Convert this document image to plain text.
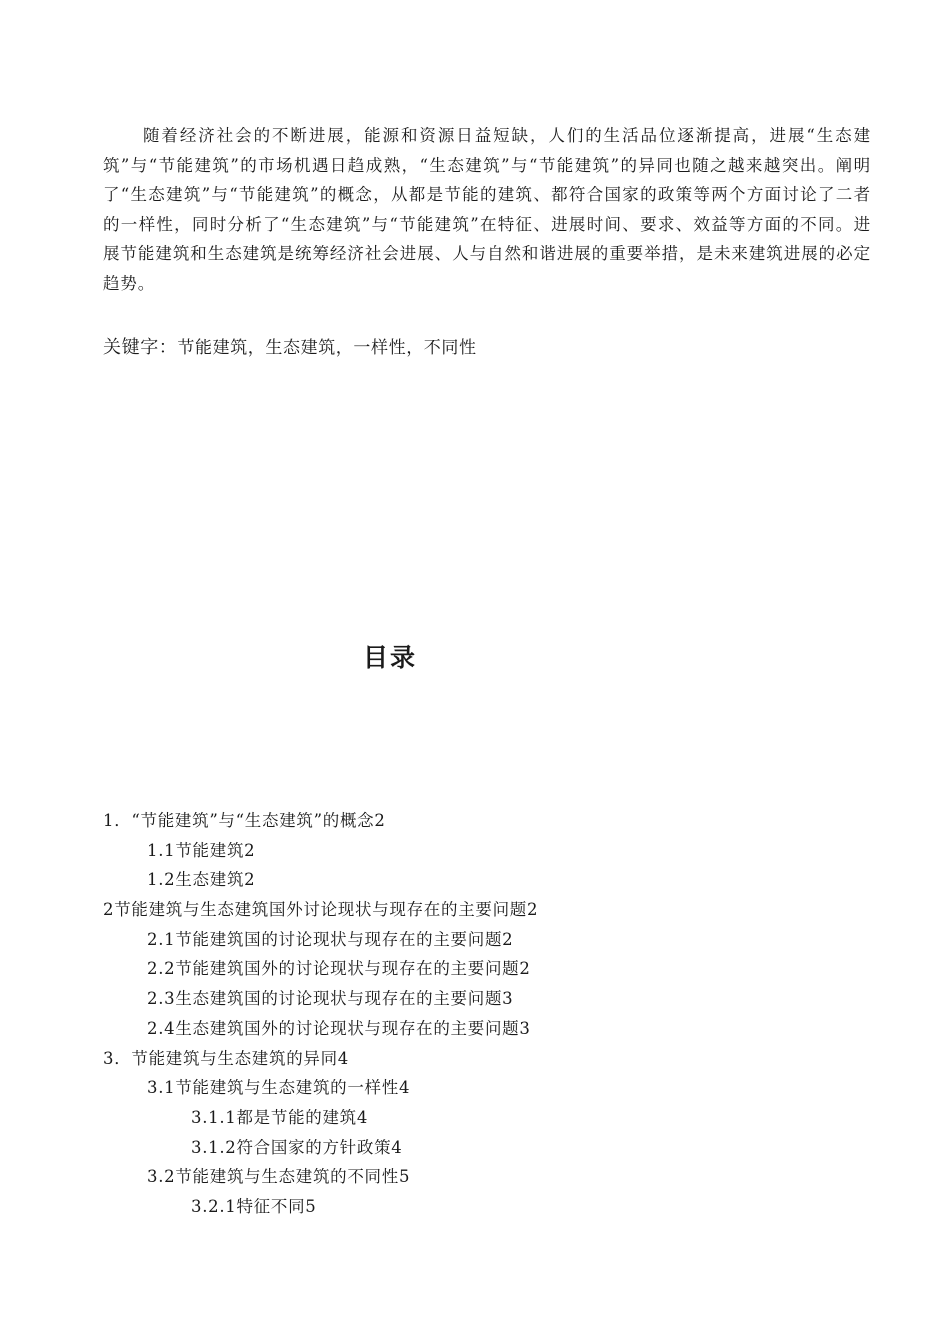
随着经济社会的不断进展，能源和资源日益短缺，人们的生活品位逐渐提高，进展“生态建筑”与“节能建筑”的市场机遇日趋成熟，“生态建筑”与“节能建筑”的异同也随之越来越突出。阐明了“生态建筑”与“节能建筑”的概念，从都是节能的建筑、都符合国家的政策等两个方面讨论了二者的一样性，同时分析了“生态建筑”与“节能建筑”在特征、进展时间、要求、效益等方面的不同。进展节能建筑和生态建筑是统筹经济社会进展、人与自然和谐进展的重要举措，是未来建筑进展的必定趋势。

关键字：节能建筑，生态建筑，一样性，不同性

目录
1．“节能建筑”与“生态建筑”的概念2
1.1节能建筑2
1.2生态建筑2
2节能建筑与生态建筑国外讨论现状与现存在的主要问题2
2.1节能建筑国的讨论现状与现存在的主要问题2
2.2节能建筑国外的讨论现状与现存在的主要问题2
2.3生态建筑国的讨论现状与现存在的主要问题3
2.4生态建筑国外的讨论现状与现存在的主要问题3
3．节能建筑与生态建筑的异同4
3.1节能建筑与生态建筑的一样性4
3.1.1都是节能的建筑4
3.1.2符合国家的方针政策4
3.2节能建筑与生态建筑的不同性5
3.2.1特征不同5
